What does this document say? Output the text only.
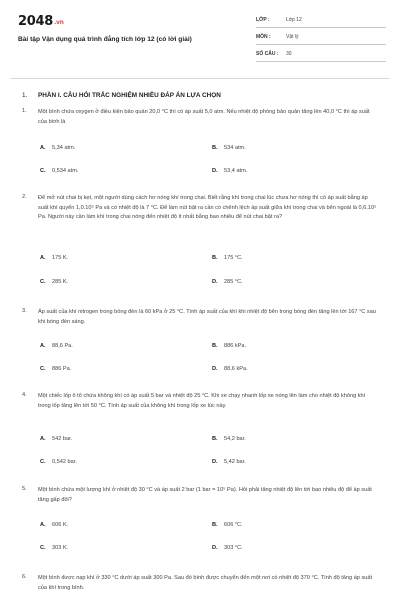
2048.vn
Bài tập Vận dụng quá trình đẳng tích lớp 12 (có lời giải)
LỚP :	Lớp 12
MÔN :	Vật lý
SỐ CÂU : 30
1. PHẦN I. CÂU HỎI TRẮC NGHIỆM NHIỀU ĐÁP ÁN LỰA CHỌN
1. Một bình chứa oxygen ở điều kiện bảo quản 20,0 °C thì có áp suất 5,0 atm. Nếu nhiệt độ phòng bảo quản tăng lên 40,0 °C thì áp suất của bình là
A. 5,34 atm.	B. 534 atm.
C. 0,534 atm.	D. 53,4 atm.
2. Để mở nút chai bị kẹt, một người dùng cách hơ nóng khí trong chai. Biết rằng khí trong chai lúc chưa hơ nóng thì có áp suất bằng áp suất khí quyển 1,0.10⁵ Pa và có nhiệt độ là 7 °C. Để làm nút bật ra cần có chênh lệch áp suất giữa khí trong chai và bên ngoài là 0,6.10⁵ Pa. Người này cần làm khí trong chai nóng đến nhiệt độ ít nhất bằng bao nhiêu để nút chai bật ra?
A. 175 K.	B. 175 °C.
C. 285 K.	D. 285 °C.
3. Áp suất của khí nitrogen trong bóng đèn là 60 kPa ở 25 °C. Tính áp suất của khí khi nhiệt độ bên trong bóng đèn tăng lên tới 167 °C sau khi bóng đèn sáng.
A. 88,6 Pa.	B. 886 kPa.
C. 886 Pa.	D. 88,6 kPa.
4. Một chiếc lốp ô tô chứa không khí có áp suất 5 bar và nhiệt độ 25 °C. Khi xe chạy nhanh lốp xe nóng lên làm cho nhiệt độ không khí trong lốp tăng lên tới 50 °C. Tính áp suất của không khí trong lốp xe lúc này.
A. 542 bar.	B. 54,2 bar.
C. 0,542 bar.	D. 5,42 bar.
5. Một bình chứa một lượng khí ở nhiệt độ 30 °C và áp suất 2 bar (1 bar = 10⁵ Pa). Hỏi phải tăng nhiệt độ lên tới bao nhiêu độ để áp suất tăng gấp đôi?
A. 606 K.	B. 606 °C.
C. 303 K.	D. 303 °C.
6. Một bình được nạp khí ở 330 °C dưới áp suất 300 Pa. Sau đó bình được chuyển đến một nơi có nhiệt độ 370 °C. Tính độ tăng áp suất của khí trong bình.
